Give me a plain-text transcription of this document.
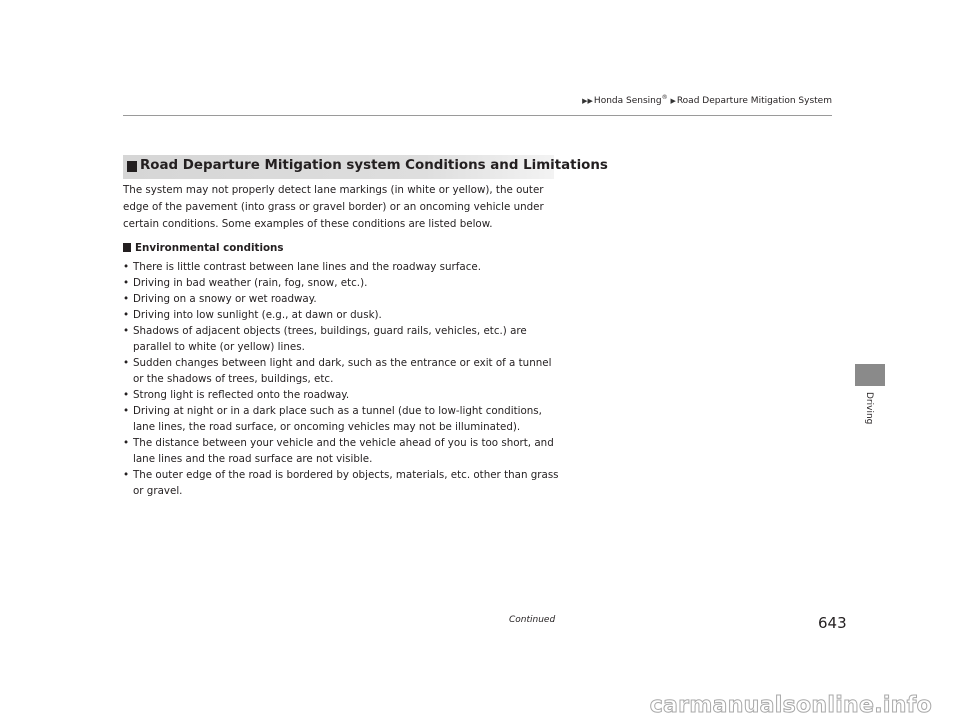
▶▶Honda Sensing® ▶Road Departure Mitigation System
Road Departure Mitigation system Conditions and Limitations

The system may not properly detect lane markings (in white or yellow), the outer edge of the pavement (into grass or gravel border) or an oncoming vehicle under certain conditions. Some examples of these conditions are listed below.

Environmental conditions
• There is little contrast between lane lines and the roadway surface.
• Driving in bad weather (rain, fog, snow, etc.).
• Driving on a snowy or wet roadway.
• Driving into low sunlight (e.g., at dawn or dusk).
• Shadows of adjacent objects (trees, buildings, guard rails, vehicles, etc.) are parallel to white (or yellow) lines.
• Sudden changes between light and dark, such as the entrance or exit of a tunnel or the shadows of trees, buildings, etc.
• Strong light is reflected onto the roadway.
• Driving at night or in a dark place such as a tunnel (due to low-light conditions, lane lines, the road surface, or oncoming vehicles may not be illuminated).
• The distance between your vehicle and the vehicle ahead of you is too short, and lane lines and the road surface are not visible.
• The outer edge of the road is bordered by objects, materials, etc. other than grass or gravel.
Driving
Continued	643
carmanualsonline.info
